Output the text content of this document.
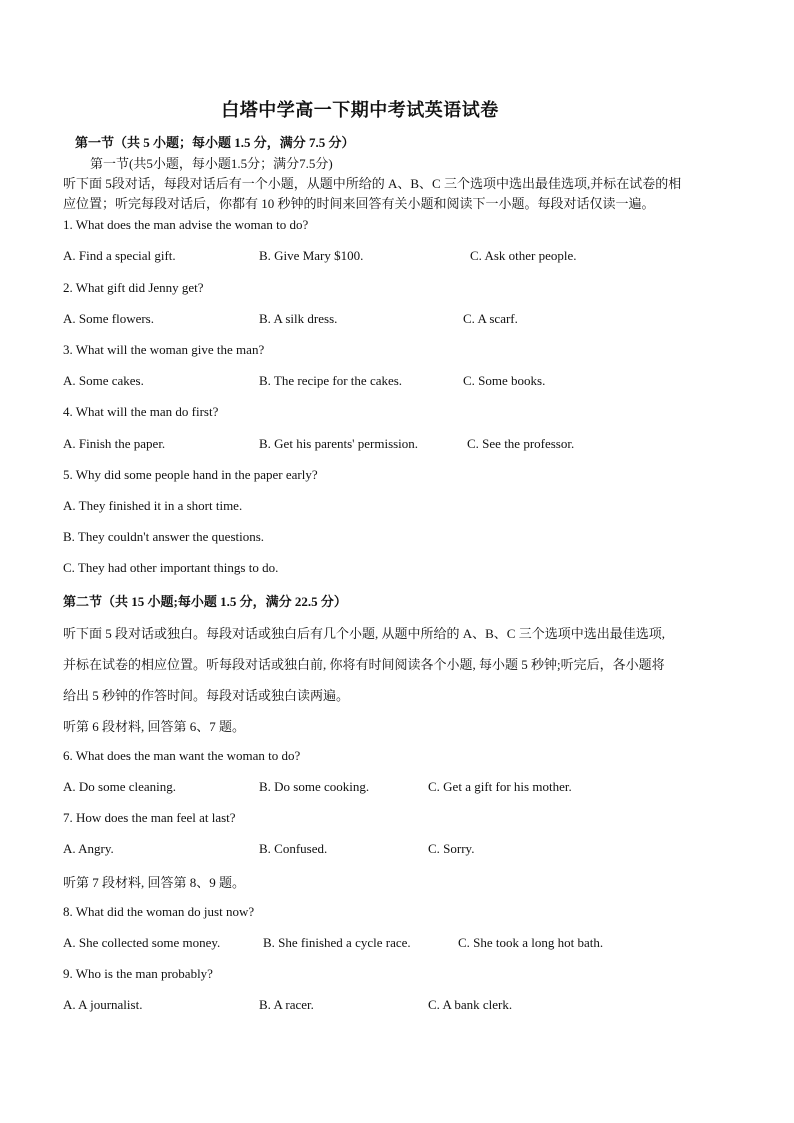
白塔中学高一下期中考试英语试卷
第一节（共 5 小题；每小题 1.5 分，满分 7.5 分）
第一节(共5小题，每小题1.5分；满分7.5分)
听下面 5段对话，每段对话后有一个小题，从题中所给的 A、B、C 三个选项中选出最佳选项,并标在试卷的相
应位置；听完每段对话后，你都有 10 秒钟的时间来回答有关小题和阅读下一小题。每段对话仅读一遍。
1. What does the man advise the woman to do?
A. Find a special gift.	B. Give Mary $100.	C. Ask other people.
2. What gift did Jenny get?
A. Some flowers.	B. A silk dress.	C. A scarf.
3. What will the woman give the man?
A. Some cakes.	B. The recipe for the cakes.	C. Some books.
4. What will the man do first?
A. Finish the paper.	B. Get his parents' permission.	C. See the professor.
5. Why did some people hand in the paper early?
A. They finished it in a short time.
B. They couldn't answer the questions.
C. They had other important things to do.
第二节（共 15 小题;每小题 1.5 分，满分 22.5 分）
听下面 5 段对话或独白。每段对话或独白后有几个小题, 从题中所给的 A、B、C 三个选项中选出最佳选项,
并标在试卷的相应位置。听每段对话或独白前, 你将有时间阅读各个小题, 每小题 5 秒钟;听完后，各小题将
给出 5 秒钟的作答时间。每段对话或独白读两遍。
听第 6 段材料, 回答第 6、7 题。
6. What does the man want the woman to do?
A. Do some cleaning.	B. Do some cooking.	C. Get a gift for his mother.
7. How does the man feel at last?
A. Angry.	B. Confused.	C. Sorry.
听第 7 段材料, 回答第 8、9 题。
8. What did the woman do just now?
A. She collected some money.	B. She finished a cycle race.	C. She took a long hot bath.
9. Who is the man probably?
A. A journalist.	B. A racer.	C. A bank clerk.
